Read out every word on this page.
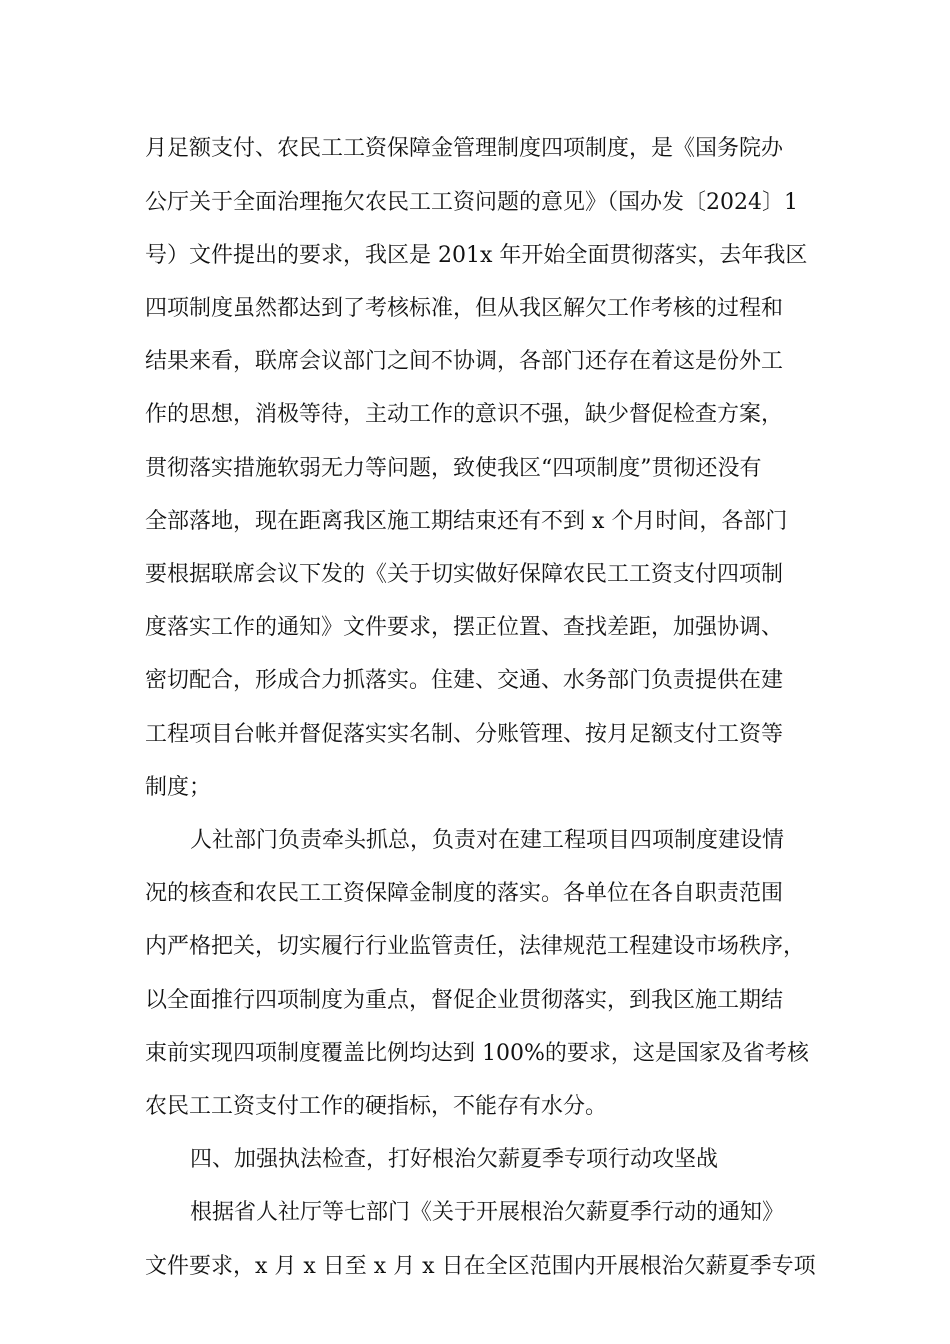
月足额支付、农民工工资保障金管理制度四项制度，是《国务院办
公厅关于全面治理拖欠农民工工资问题的意见》（国办发〔2024〕1
号）文件提出的要求，我区是 201x 年开始全面贯彻落实，去年我区
四项制度虽然都达到了考核标准，但从我区解欠工作考核的过程和
结果来看，联席会议部门之间不协调，各部门还存在着这是份外工
作的思想，消极等待，主动工作的意识不强，缺少督促检查方案，
贯彻落实措施软弱无力等问题，致使我区“四项制度”贯彻还没有
全部落地，现在距离我区施工期结束还有不到 x 个月时间，各部门
要根据联席会议下发的《关于切实做好保障农民工工资支付四项制
度落实工作的通知》文件要求，摆正位置、查找差距，加强协调、
密切配合，形成合力抓落实。住建、交通、水务部门负责提供在建
工程项目台帐并督促落实实名制、分账管理、按月足额支付工资等
制度；
人社部门负责牵头抓总，负责对在建工程项目四项制度建设情
况的核查和农民工工资保障金制度的落实。各单位在各自职责范围
内严格把关，切实履行行业监管责任，法律规范工程建设市场秩序，
以全面推行四项制度为重点，督促企业贯彻落实，到我区施工期结
束前实现四项制度覆盖比例均达到 100%的要求，这是国家及省考核
农民工工资支付工作的硬指标，不能存有水分。
四、加强执法检查，打好根治欠薪夏季专项行动攻坚战
根据省人社厅等七部门《关于开展根治欠薪夏季行动的通知》
文件要求，x 月 x 日至 x 月 x 日在全区范围内开展根治欠薪夏季专项
